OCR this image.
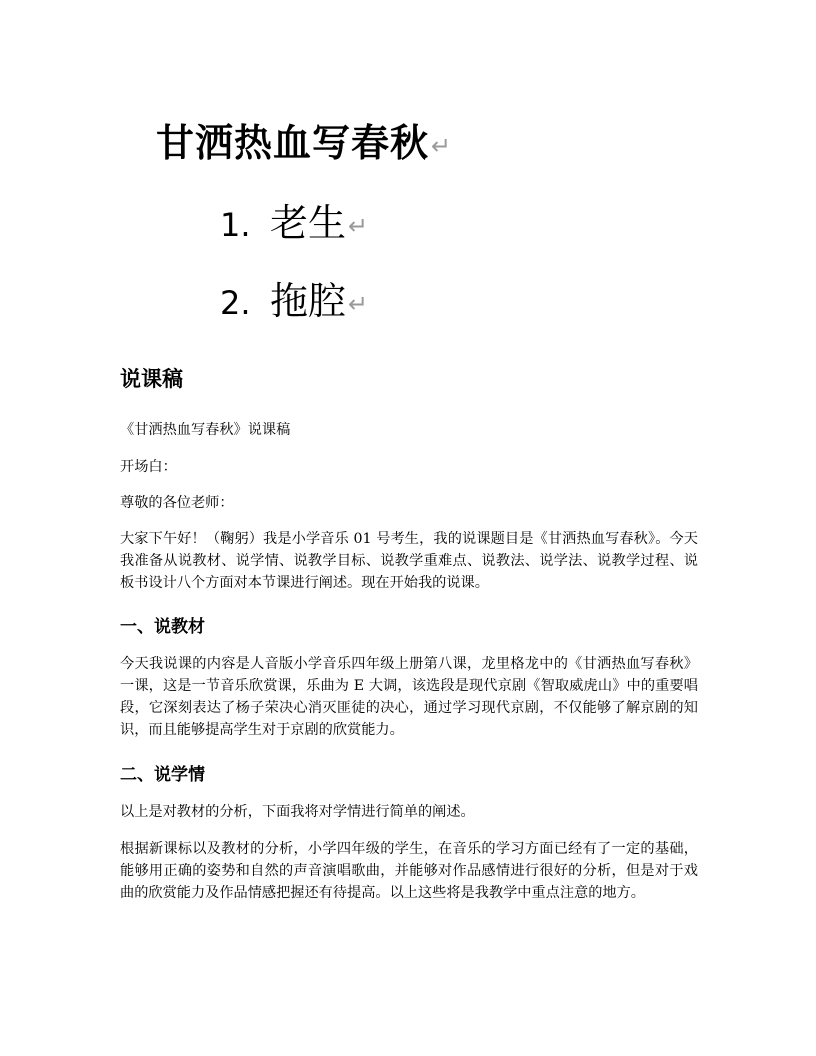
甘洒热血写春秋↵
1. 老生↵
2. 拖腔↵
说课稿
《甘洒热血写春秋》说课稿
开场白：
尊敬的各位老师：
大家下午好！（鞠躬）我是小学音乐 01 号考生，我的说课题目是《甘洒热血写春秋》。今天我准备从说教材、说学情、说教学目标、说教学重难点、说教法、说学法、说教学过程、说板书设计八个方面对本节课进行阐述。现在开始我的说课。
一、说教材
今天我说课的内容是人音版小学音乐四年级上册第八课，龙里格龙中的《甘洒热血写春秋》一课，这是一节音乐欣赏课，乐曲为 E 大调，该选段是现代京剧《智取威虎山》中的重要唱段，它深刻表达了杨子荣决心消灭匪徒的决心，通过学习现代京剧，不仅能够了解京剧的知识，而且能够提高学生对于京剧的欣赏能力。
二、说学情
以上是对教材的分析，下面我将对学情进行简单的阐述。
根据新课标以及教材的分析，小学四年级的学生，在音乐的学习方面已经有了一定的基础，能够用正确的姿势和自然的声音演唱歌曲，并能够对作品感情进行很好的分析，但是对于戏曲的欣赏能力及作品情感把握还有待提高。以上这些将是我教学中重点注意的地方。
